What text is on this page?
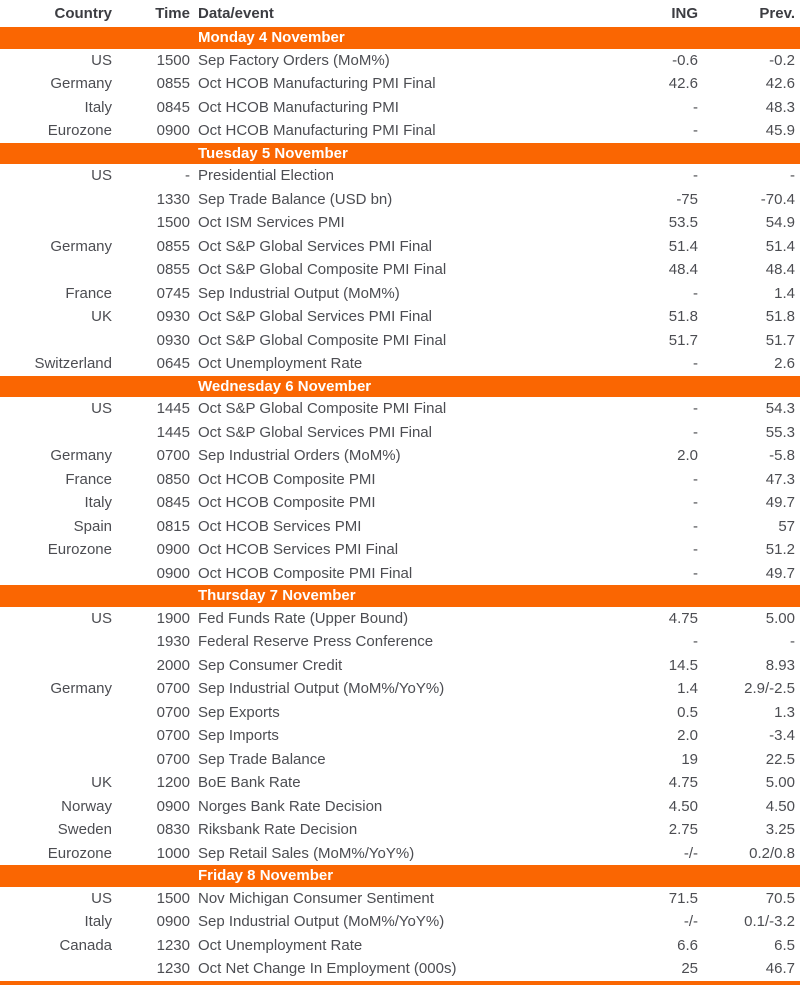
Country	Time Data/event	ING	Prev.
Monday 4 November
US	1500 Sep Factory Orders (MoM%)	-0.6	-0.2
Germany	0855 Oct HCOB Manufacturing PMI Final	42.6	42.6
Italy	0845 Oct HCOB Manufacturing PMI	-	48.3
Eurozone	0900 Oct HCOB Manufacturing PMI Final	-	45.9
Tuesday 5 November
US	- Presidential Election	-	-
1330 Sep Trade Balance (USD bn)	-75	-70.4
1500 Oct ISM Services PMI	53.5	54.9
Germany	0855 Oct S&P Global Services PMI Final	51.4	51.4
0855 Oct S&P Global Composite PMI Final	48.4	48.4
France	0745 Sep Industrial Output (MoM%)	-	1.4
UK	0930 Oct S&P Global Services PMI Final	51.8	51.8
0930 Oct S&P Global Composite PMI Final	51.7	51.7
Switzerland	0645 Oct Unemployment Rate	-	2.6
Wednesday 6 November
US	1445 Oct S&P Global Composite PMI Final	-	54.3
1445 Oct S&P Global Services PMI Final	-	55.3
Germany	0700 Sep Industrial Orders (MoM%)	2.0	-5.8
France	0850 Oct HCOB Composite PMI	-	47.3
Italy	0845 Oct HCOB Composite PMI	-	49.7
Spain	0815 Oct HCOB Services PMI	-	57
Eurozone	0900 Oct HCOB Services PMI Final	-	51.2
0900 Oct HCOB Composite PMI Final	-	49.7
Thursday 7 November
US	1900 Fed Funds Rate (Upper Bound)	4.75	5.00
1930 Federal Reserve Press Conference	-	-
2000 Sep Consumer Credit	14.5	8.93
Germany	0700 Sep Industrial Output (MoM%/YoY%)	1.4	2.9/-2.5
0700 Sep Exports	0.5	1.3
0700 Sep Imports	2.0	-3.4
0700 Sep Trade Balance	19	22.5
UK	1200 BoE Bank Rate	4.75	5.00
Norway	0900 Norges Bank Rate Decision	4.50	4.50
Sweden	0830 Riksbank Rate Decision	2.75	3.25
Eurozone	1000 Sep Retail Sales (MoM%/YoY%)	-/-	0.2/0.8
Friday 8 November
US	1500 Nov Michigan Consumer Sentiment	71.5	70.5
Italy	0900 Sep Industrial Output (MoM%/YoY%)	-/-	0.1/-3.2
Canada	1230 Oct Unemployment Rate	6.6	6.5
1230 Oct Net Change In Employment (000s)	25	46.7
